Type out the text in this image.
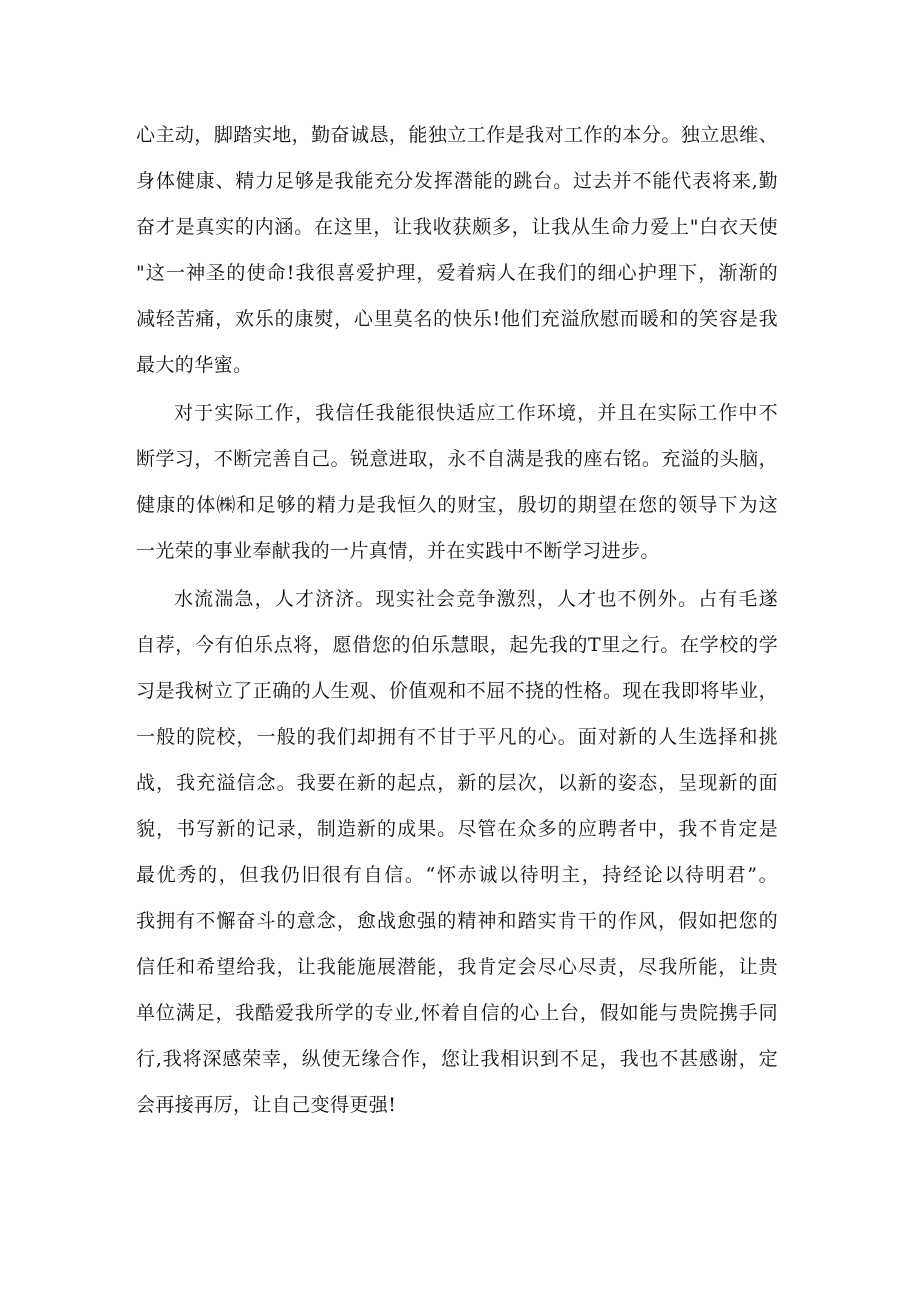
心主动，脚踏实地，勤奋诚恳，能独立工作是我对工作的本分。独立思维、
身体健康、精力足够是我能充分发挥潜能的跳台。过去并不能代表将来,勤
奋才是真实的内涵。在这里，让我收获颇多，让我从生命力爱上"白衣天使
"这一神圣的使命!我很喜爱护理，爱着病人在我们的细心护理下，渐渐的
减轻苦痛，欢乐的康熨，心里莫名的快乐!他们充溢欣慰而暖和的笑容是我
最大的华蜜。
对于实际工作，我信任我能很快适应工作环境，并且在实际工作中不
断学习，不断完善自己。锐意进取，永不自满是我的座右铭。充溢的头脑，
健康的体㈱和足够的精力是我恒久的财宝，殷切的期望在您的领导下为这
一光荣的事业奉献我的一片真情，并在实践中不断学习进步。
水流湍急，人才济济。现实社会竞争激烈，人才也不例外。占有毛遂
自荐，今有伯乐点将，愿借您的伯乐慧眼，起先我的T里之行。在学校的学
习是我树立了正确的人生观、价值观和不屈不挠的性格。现在我即将毕业，
一般的院校，一般的我们却拥有不甘于平凡的心。面对新的人生选择和挑
战，我充溢信念。我要在新的起点，新的层次，以新的姿态，呈现新的面
貌，书写新的记录，制造新的成果。尽管在众多的应聘者中，我不肯定是
最优秀的，但我仍旧很有自信。“怀赤诚以待明主，持经论以待明君”。
我拥有不懈奋斗的意念，愈战愈强的精神和踏实肯干的作风，假如把您的
信任和希望给我，让我能施展潜能，我肯定会尽心尽责，尽我所能，让贵
单位满足，我酷爱我所学的专业,怀着自信的心上台，假如能与贵院携手同
行,我将深感荣幸，纵使无缘合作，您让我相识到不足，我也不甚感谢，定
会再接再厉，让自己变得更强!
